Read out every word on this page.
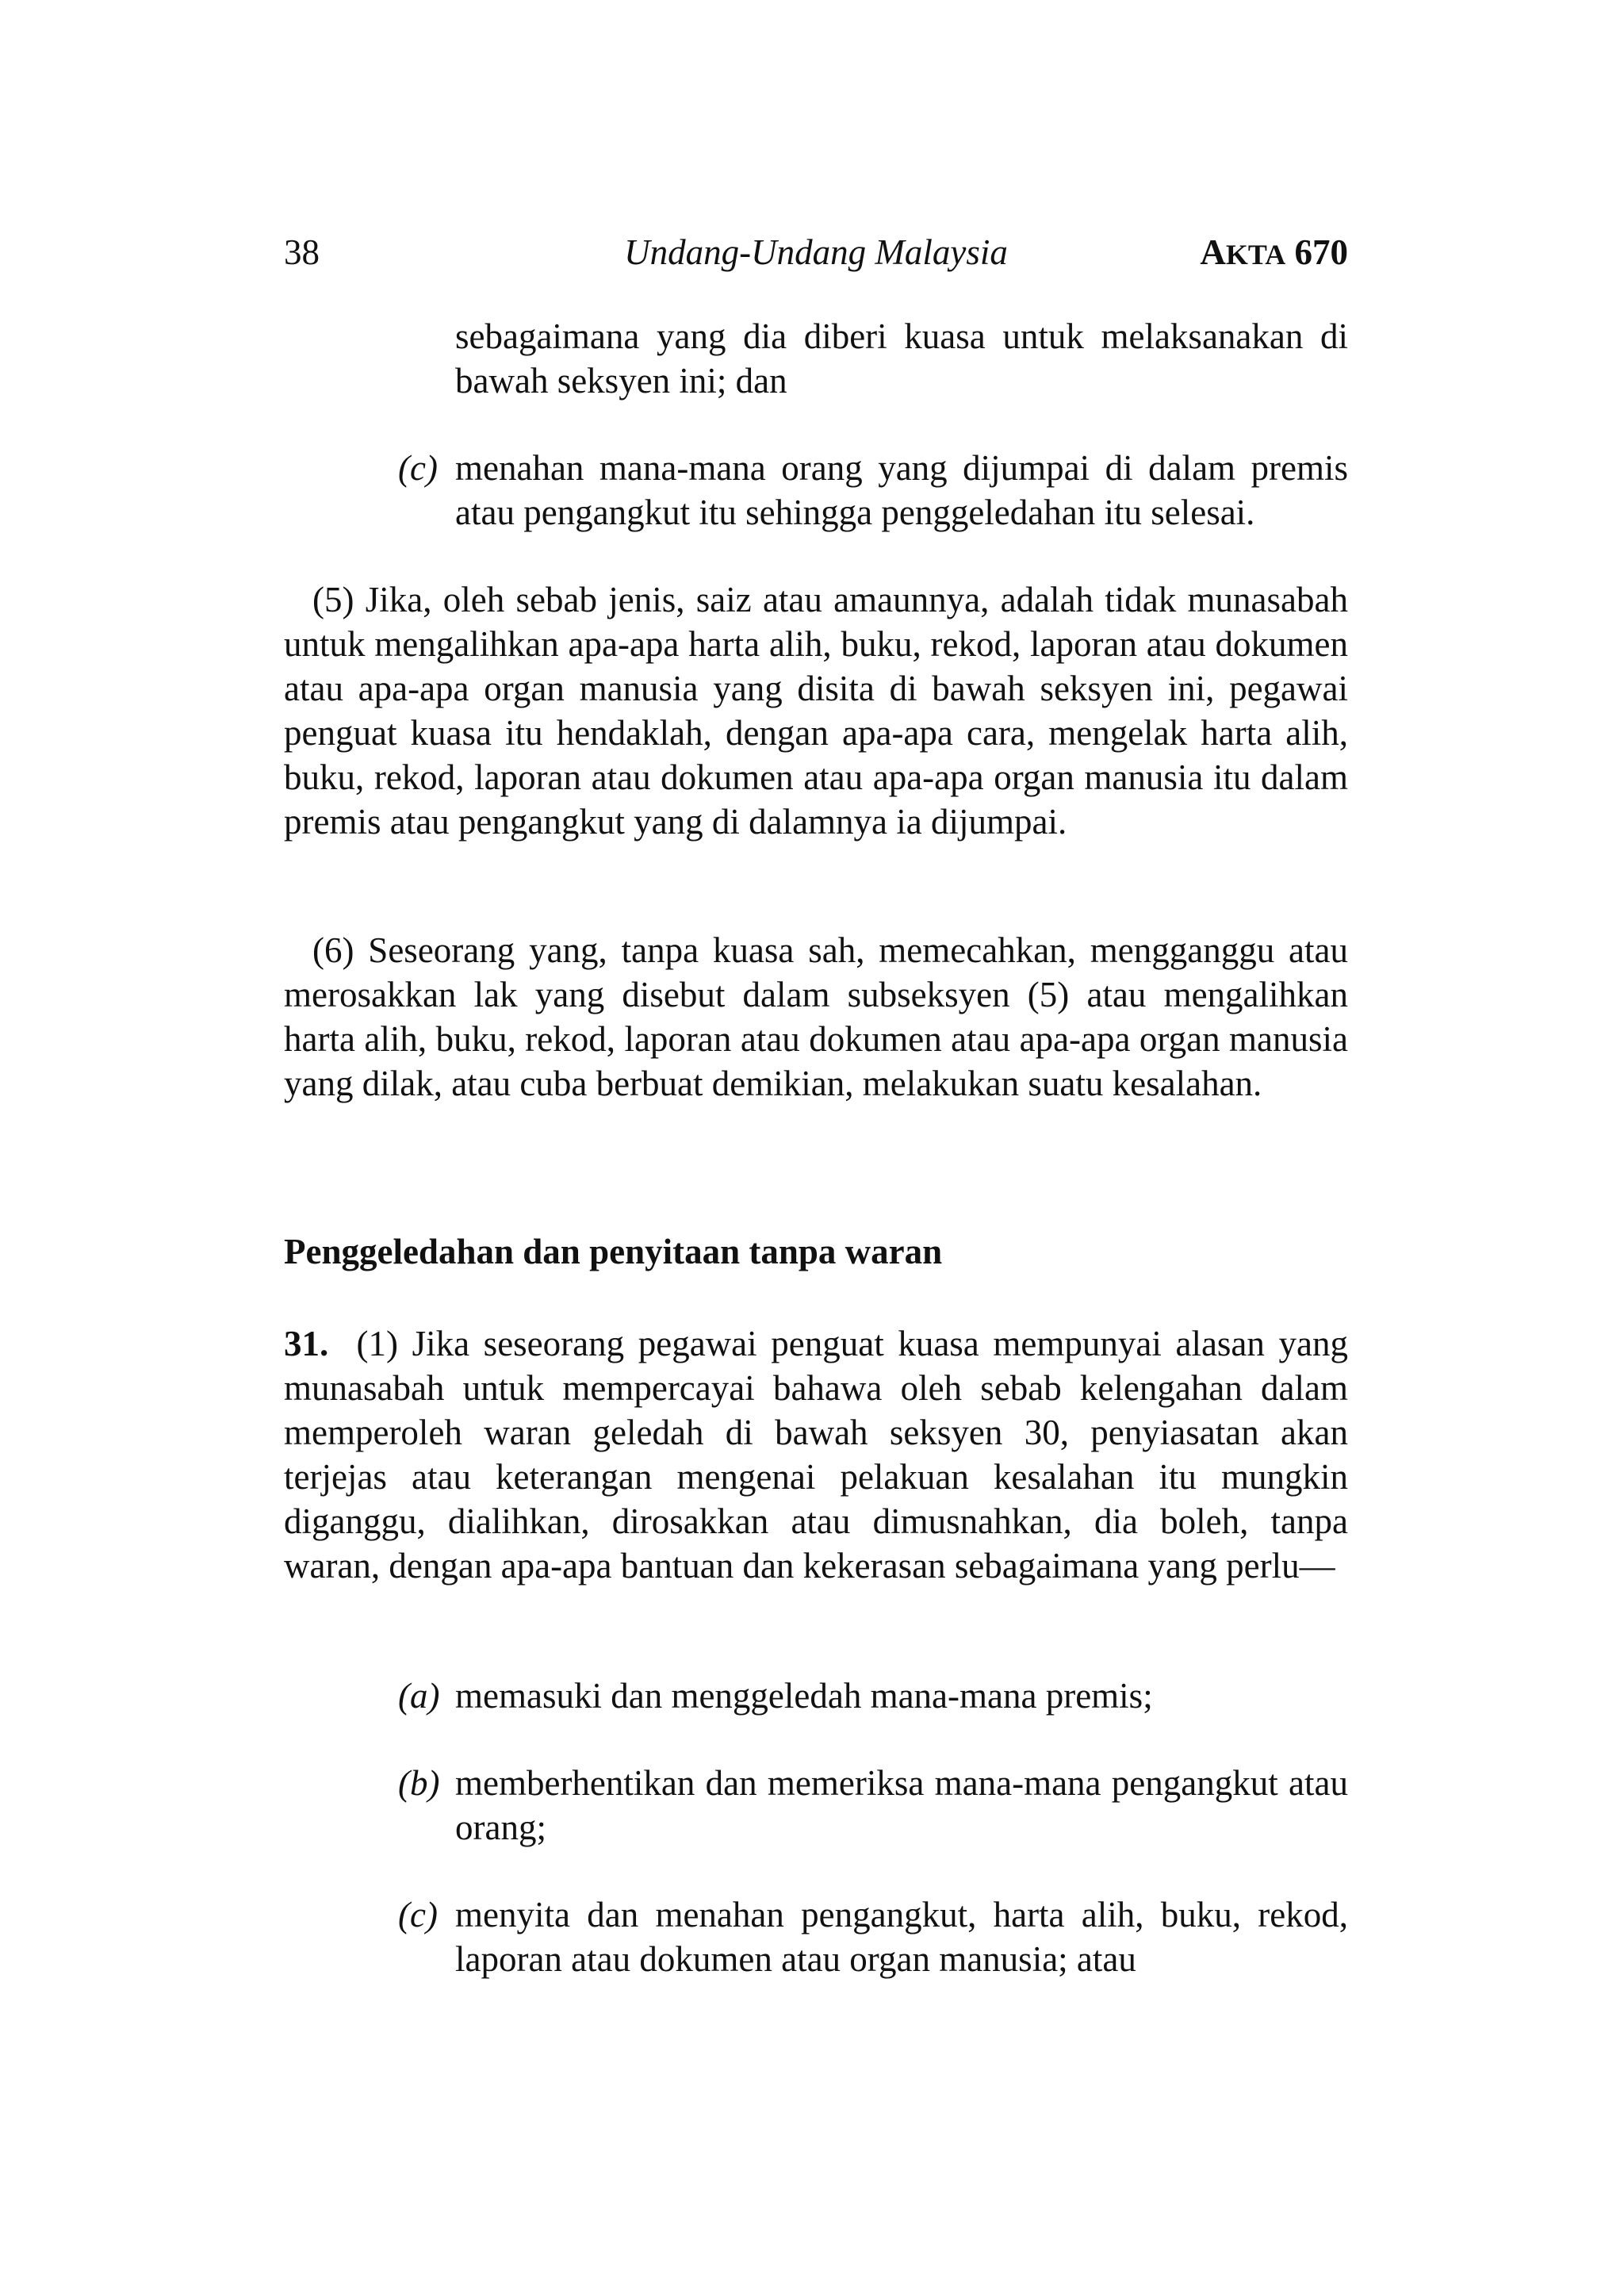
38	Undang-Undang Malaysia	AKTA 670
sebagaimana yang dia diberi kuasa untuk melaksanakan di bawah seksyen ini; dan
(c) menahan mana-mana orang yang dijumpai di dalam premis atau pengangkut itu sehingga penggeledahan itu selesai.
(5) Jika, oleh sebab jenis, saiz atau amaunnya, adalah tidak munasabah untuk mengalihkan apa-apa harta alih, buku, rekod, laporan atau dokumen atau apa-apa organ manusia yang disita di bawah seksyen ini, pegawai penguat kuasa itu hendaklah, dengan apa-apa cara, mengelak harta alih, buku, rekod, laporan atau dokumen atau apa-apa organ manusia itu dalam premis atau pengangkut yang di dalamnya ia dijumpai.
(6) Seseorang yang, tanpa kuasa sah, memecahkan, mengganggu atau merosakkan lak yang disebut dalam subseksyen (5) atau mengalihkan harta alih, buku, rekod, laporan atau dokumen atau apa-apa organ manusia yang dilak, atau cuba berbuat demikian, melakukan suatu kesalahan.
Penggeledahan dan penyitaan tanpa waran
31. (1) Jika seseorang pegawai penguat kuasa mempunyai alasan yang munasabah untuk mempercayai bahawa oleh sebab kelengahan dalam memperoleh waran geledah di bawah seksyen 30, penyiasatan akan terjejas atau keterangan mengenai pelakuan kesalahan itu mungkin diganggu, dialihkan, dirosakkan atau dimusnahkan, dia boleh, tanpa waran, dengan apa-apa bantuan dan kekerasan sebagaimana yang perlu—
(a) memasuki dan menggeledah mana-mana premis;
(b) memberhentikan dan memeriksa mana-mana pengangkut atau orang;
(c) menyita dan menahan pengangkut, harta alih, buku, rekod, laporan atau dokumen atau organ manusia; atau
